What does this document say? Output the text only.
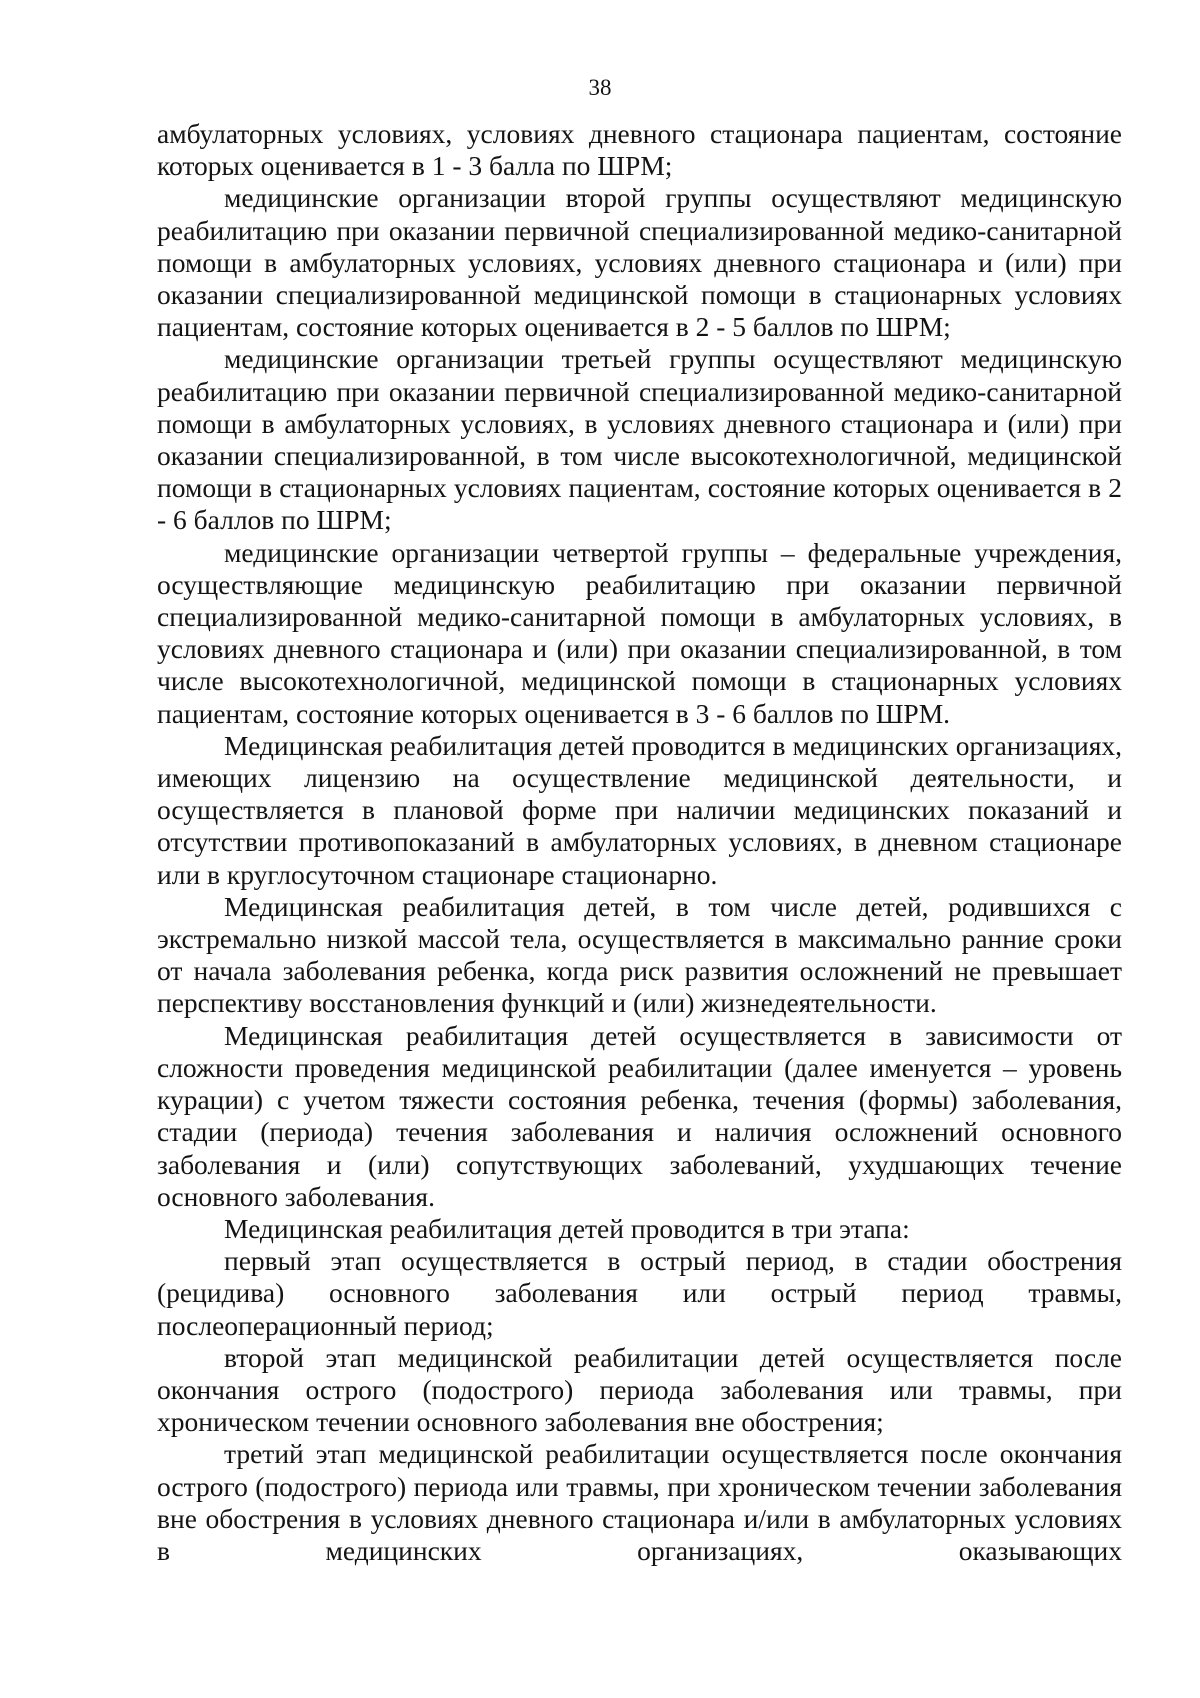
38

амбулаторных условиях, условиях дневного стационара пациентам, состояние которых оценивается в 1 - 3 балла по ШРМ;

медицинские организации второй группы осуществляют медицинскую реабилитацию при оказании первичной специализированной медико-санитарной помощи в амбулаторных условиях, условиях дневного стационара и (или) при оказании специализированной медицинской помощи в стационарных условиях пациентам, состояние которых оценивается в 2 - 5 баллов по ШРМ;

медицинские организации третьей группы осуществляют медицинскую реабилитацию при оказании первичной специализированной медико-санитарной помощи в амбулаторных условиях, в условиях дневного стационара и (или) при оказании специализированной, в том числе высокотехнологичной, медицинской помощи в стационарных условиях пациентам, состояние которых оценивается в 2 - 6 баллов по ШРМ;

медицинские организации четвертой группы – федеральные учреждения, осуществляющие медицинскую реабилитацию при оказании первичной специализированной медико-санитарной помощи в амбулаторных условиях, в условиях дневного стационара и (или) при оказании специализированной, в том числе высокотехнологичной, медицинской помощи в стационарных условиях пациентам, состояние которых оценивается в 3 - 6 баллов по ШРМ.

Медицинская реабилитация детей проводится в медицинских организациях, имеющих лицензию на осуществление медицинской деятельности, и осуществляется в плановой форме при наличии медицинских показаний и отсутствии противопоказаний в амбулаторных условиях, в дневном стационаре или в круглосуточном стационаре стационарно.

Медицинская реабилитация детей, в том числе детей, родившихся с экстремально низкой массой тела, осуществляется в максимально ранние сроки от начала заболевания ребенка, когда риск развития осложнений не превышает перспективу восстановления функций и (или) жизнедеятельности.

Медицинская реабилитация детей осуществляется в зависимости от сложности проведения медицинской реабилитации (далее именуется – уровень курации) с учетом тяжести состояния ребенка, течения (формы) заболевания, стадии (периода) течения заболевания и наличия осложнений основного заболевания и (или) сопутствующих заболеваний, ухудшающих течение основного заболевания.

Медицинская реабилитация детей проводится в три этапа:

первый этап осуществляется в острый период, в стадии обострения (рецидива) основного заболевания или острый период травмы, послеоперационный период;

второй этап медицинской реабилитации детей осуществляется после окончания острого (подострого) периода заболевания или травмы, при хроническом течении основного заболевания вне обострения;

третий этап медицинской реабилитации осуществляется после окончания острого (подострого) периода или травмы, при хроническом течении заболевания вне обострения в условиях дневного стационара и/или в амбулаторных условиях в медицинских организациях, оказывающих
